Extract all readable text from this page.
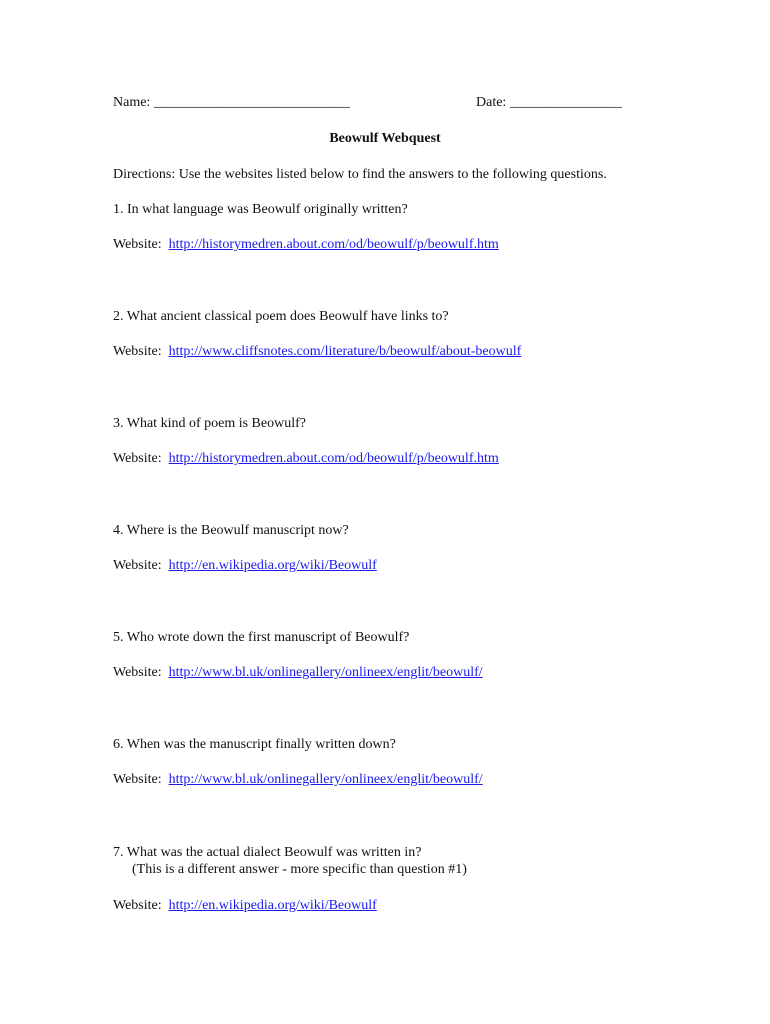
Name: ____________________________	Date: ________________
Beowulf Webquest
Directions: Use the websites listed below to find the answers to the following questions.
1. In what language was Beowulf originally written?
Website: http://historymedren.about.com/od/beowulf/p/beowulf.htm
2. What ancient classical poem does Beowulf have links to?
Website: http://www.cliffsnotes.com/literature/b/beowulf/about-beowulf
3. What kind of poem is Beowulf?
Website: http://historymedren.about.com/od/beowulf/p/beowulf.htm
4. Where is the Beowulf manuscript now?
Website: http://en.wikipedia.org/wiki/Beowulf
5. Who wrote down the first manuscript of Beowulf?
Website: http://www.bl.uk/onlinegallery/onlineex/englit/beowulf/
6. When was the manuscript finally written down?
Website: http://www.bl.uk/onlinegallery/onlineex/englit/beowulf/
7. What was the actual dialect Beowulf was written in?
(This is a different answer - more specific than question #1)
Website: http://en.wikipedia.org/wiki/Beowulf
